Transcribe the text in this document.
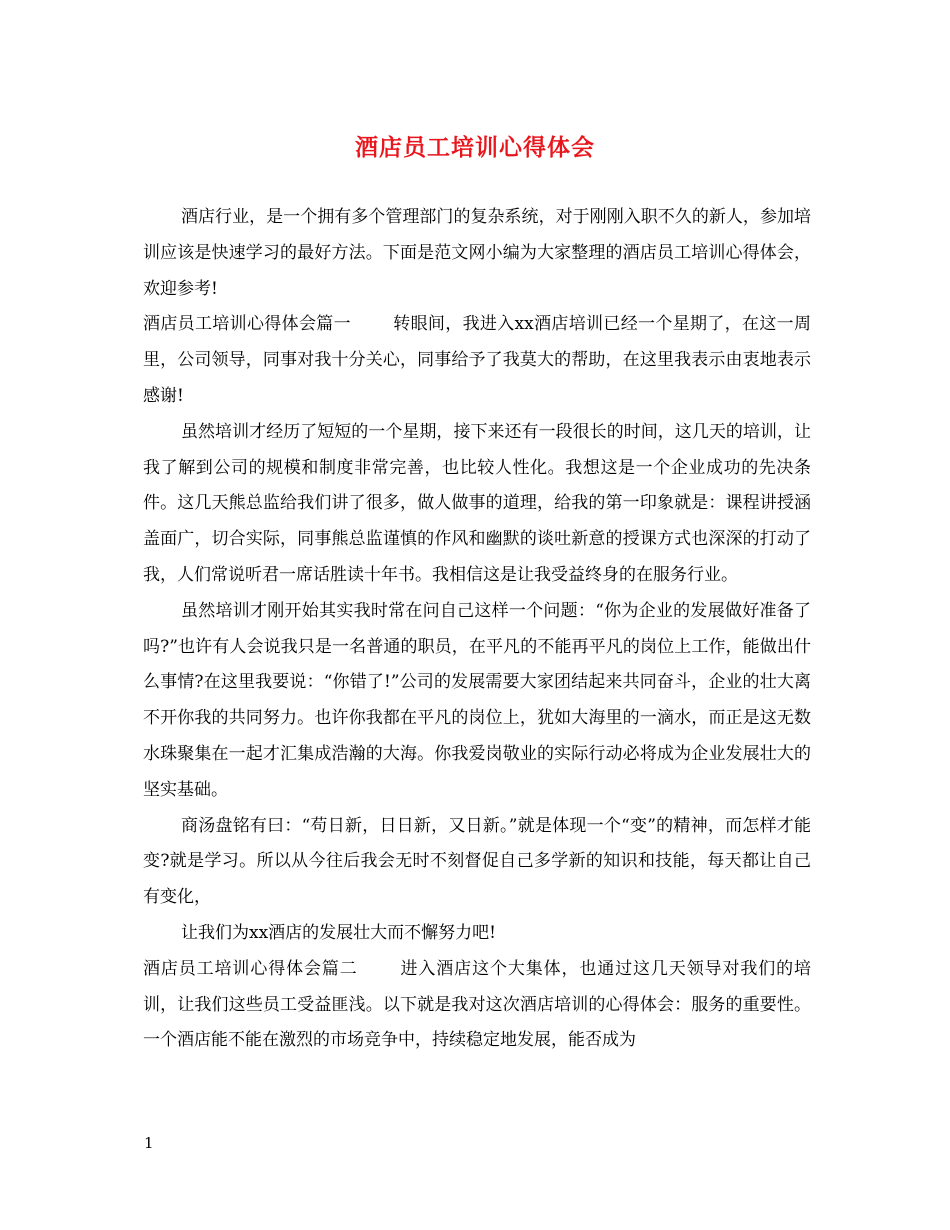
酒店员工培训心得体会

酒店行业，是一个拥有多个管理部门的复杂系统，对于刚刚入职不久的新人，参加培训应该是快速学习的最好方法。下面是范文网小编为大家整理的酒店员工培训心得体会，欢迎参考!

酒店员工培训心得体会篇一 转眼间，我进入xx酒店培训已经一个星期了，在这一周里，公司领导，同事对我十分关心，同事给予了我莫大的帮助，在这里我表示由衷地表示感谢!

虽然培训才经历了短短的一个星期，接下来还有一段很长的时间，这几天的培训，让我了解到公司的规模和制度非常完善，也比较人性化。我想这是一个企业成功的先决条件。这几天熊总监给我们讲了很多，做人做事的道理，给我的第一印象就是：课程讲授涵盖面广，切合实际，同事熊总监谨慎的作风和幽默的谈吐新意的授课方式也深深的打动了我，人们常说听君一席话胜读十年书。我相信这是让我受益终身的在服务行业。

虽然培训才刚开始其实我时常在问自己这样一个问题：“你为企业的发展做好准备了吗?”也许有人会说我只是一名普通的职员，在平凡的不能再平凡的岗位上工作，能做出什么事情?在这里我要说：“你错了!”公司的发展需要大家团结起来共同奋斗，企业的壮大离不开你我的共同努力。也许你我都在平凡的岗位上，犹如大海里的一滴水，而正是这无数水珠聚集在一起才汇集成浩瀚的大海。你我爱岗敬业的实际行动必将成为企业发展壮大的坚实基础。

商汤盘铭有曰：“苟日新，日日新，又日新。”就是体现一个“变”的精神，而怎样才能变?就是学习。所以从今往后我会无时不刻督促自己多学新的知识和技能，每天都让自己有变化，

让我们为xx酒店的发展壮大而不懈努力吧!

酒店员工培训心得体会篇二 进入酒店这个大集体，也通过这几天领导对我们的培训，让我们这些员工受益匪浅。以下就是我对这次酒店培训的心得体会：服务的重要性。一个酒店能不能在激烈的市场竞争中，持续稳定地发展，能否成为

1
